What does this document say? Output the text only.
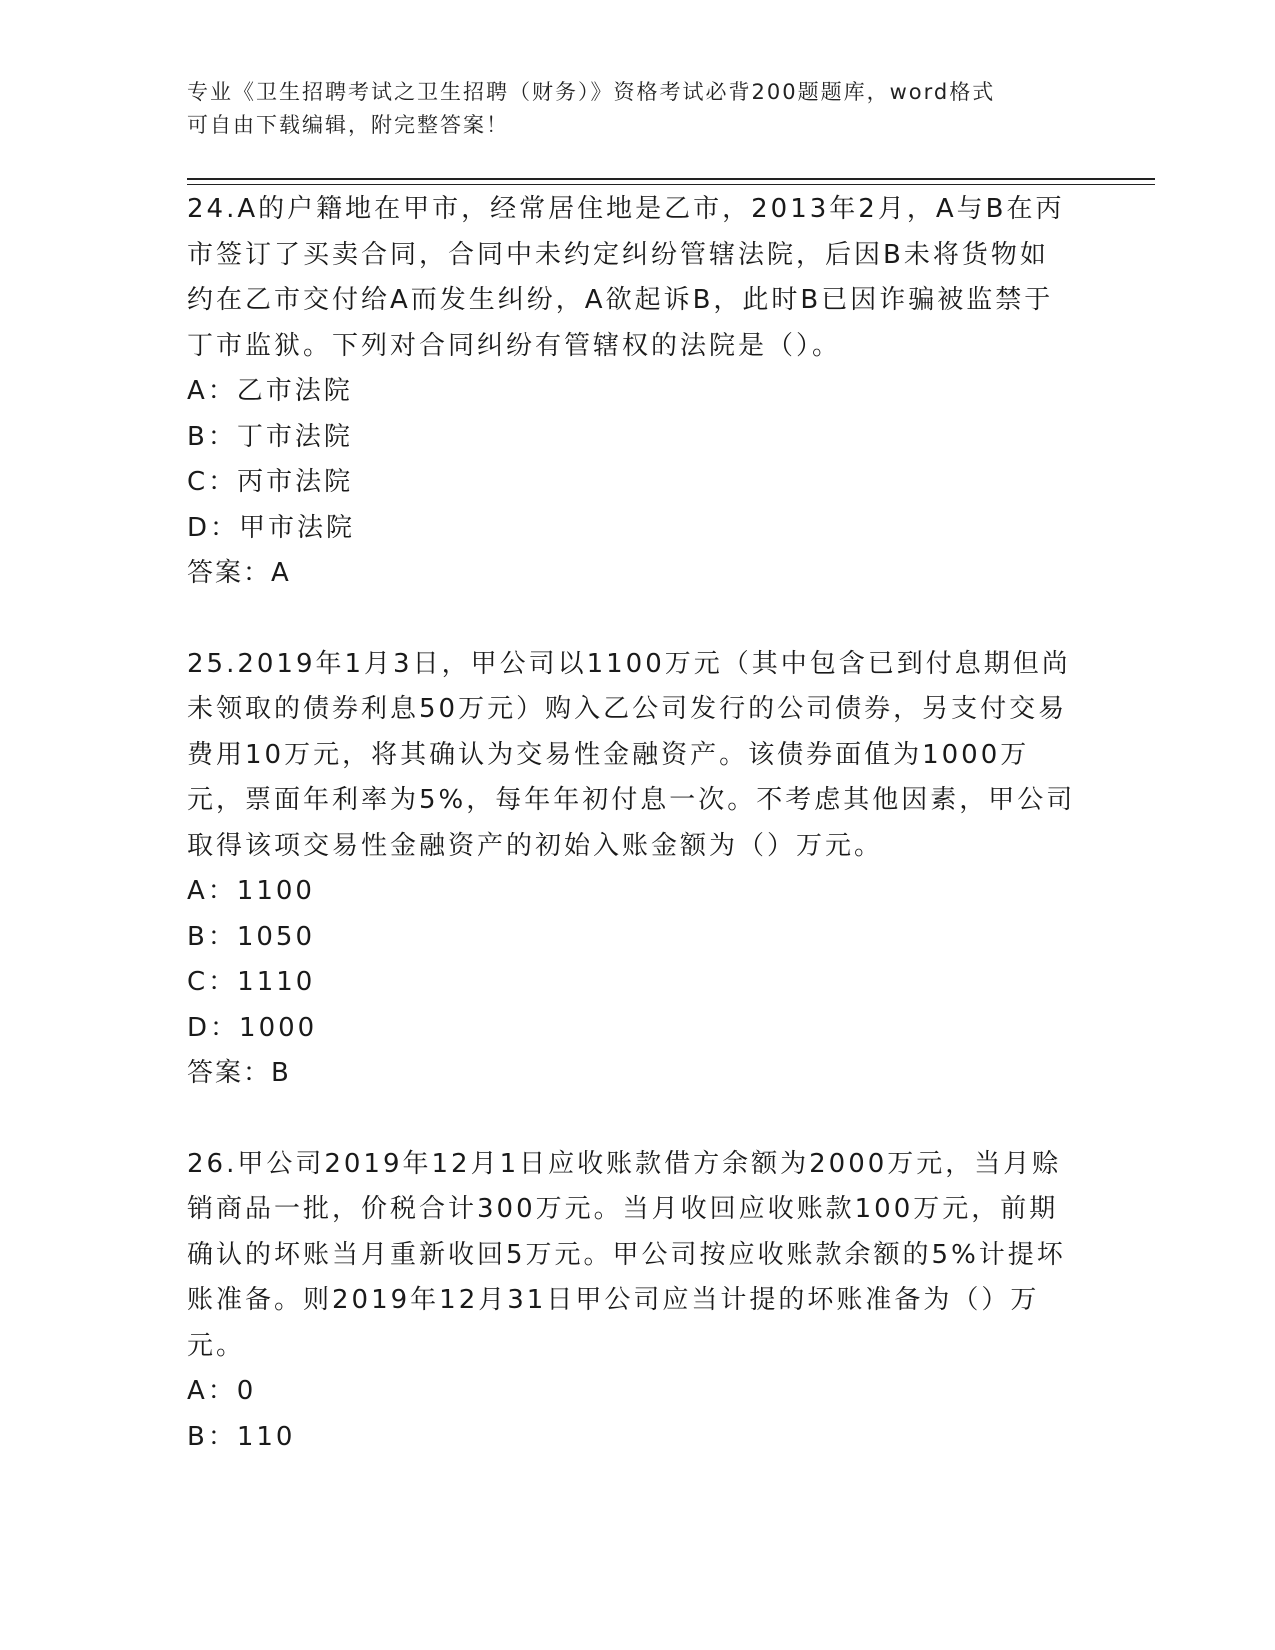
专业《卫生招聘考试之卫生招聘（财务）》资格考试必背200题题库，word格式
可自由下载编辑，附完整答案！

24.A的户籍地在甲市，经常居住地是乙市，2013年2月，A与B在丙市签订了买卖合同，合同中未约定纠纷管辖法院，后因B未将货物如约在乙市交付给A而发生纠纷，A欲起诉B，此时B已因诈骗被监禁于丁市监狱。下列对合同纠纷有管辖权的法院是（）。

A：乙市法院
B：丁市法院
C：丙市法院
D：甲市法院

答案：A

25.2019年1月3日，甲公司以1100万元（其中包含已到付息期但尚未领取的债券利息50万元）购入乙公司发行的公司债券，另支付交易费用10万元，将其确认为交易性金融资产。该债券面值为1000万元，票面年利率为5%，每年年初付息一次。不考虑其他因素，甲公司取得该项交易性金融资产的初始入账金额为（）万元。

A：1100
B：1050
C：1110
D：1000

答案：B

26.甲公司2019年12月1日应收账款借方余额为2000万元，当月赊销商品一批，价税合计300万元。当月收回应收账款100万元，前期确认的坏账当月重新收回5万元。甲公司按应收账款余额的5%计提坏账准备。则2019年12月31日甲公司应当计提的坏账准备为（）万元。

A：0
B：110
